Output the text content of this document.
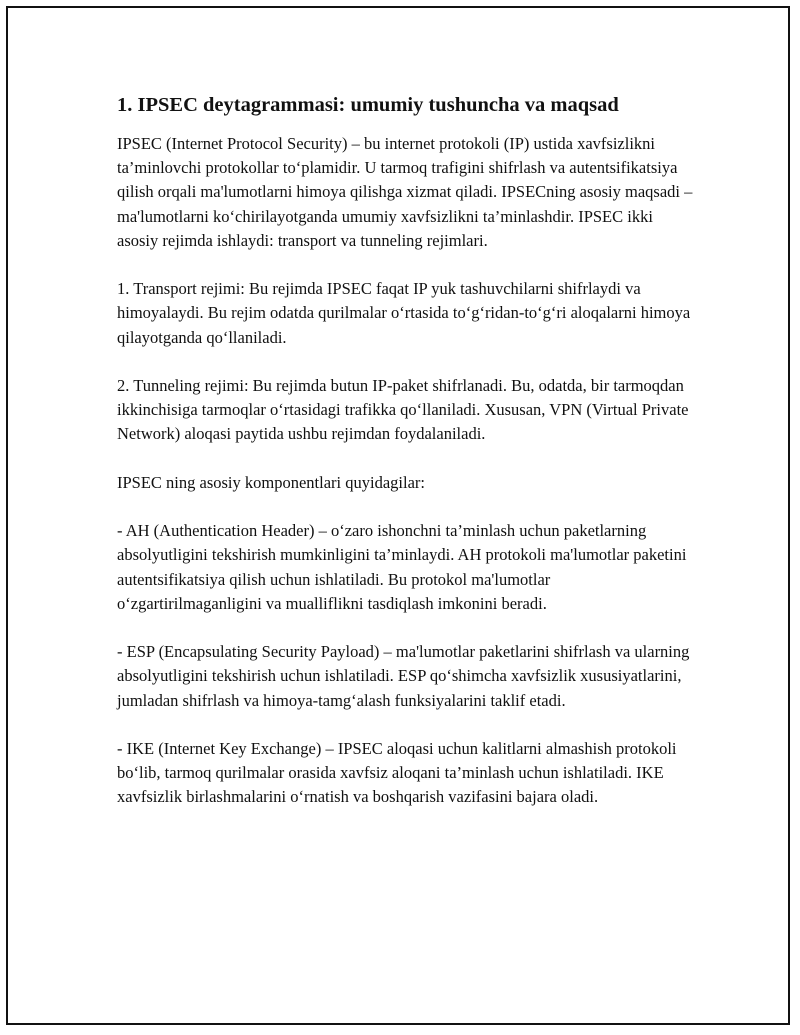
1. IPSEC deytagrammasi: umumiy tushuncha va maqsad

IPSEC (Internet Protocol Security) – bu internet protokoli (IP) ustida xavfsizlikni ta’minlovchi protokollar to‘plamidir. U tarmoq trafigini shifrlash va autentsifikatsiya qilish orqali ma'lumotlarni himoya qilishga xizmat qiladi. IPSECning asosiy maqsadi – ma'lumotlarni ko‘chirilayotganda umumiy xavfsizlikni ta’minlashdir. IPSEC ikki asosiy rejimda ishlaydi: transport va tunneling rejimlari.

1. Transport rejimi: Bu rejimda IPSEC faqat IP yuk tashuvchilarni shifrlaydi va himoyalaydi. Bu rejim odatda qurilmalar o‘rtasida to‘g‘ridan-to‘g‘ri aloqalarni himoya qilayotganda qo‘llaniladi.

2. Tunneling rejimi: Bu rejimda butun IP-paket shifrlanadi. Bu, odatda, bir tarmoqdan ikkinchisiga tarmoqlar o‘rtasidagi trafikka qo‘llaniladi. Xususan, VPN (Virtual Private Network) aloqasi paytida ushbu rejimdan foydalaniladi.

IPSEC ning asosiy komponentlari quyidagilar:

- AH (Authentication Header) – o‘zaro ishonchni ta’minlash uchun paketlarning absolyutligini tekshirish mumkinligini ta’minlaydi. AH protokoli ma'lumotlar paketini autentsifikatsiya qilish uchun ishlatiladi. Bu protokol ma'lumotlar o‘zgartirilmaganligini va mualliflikni tasdiqlash imkonini beradi.

- ESP (Encapsulating Security Payload) – ma'lumotlar paketlarini shifrlash va ularning absolyutligini tekshirish uchun ishlatiladi. ESP qo‘shimcha xavfsizlik xususiyatlarini, jumladan shifrlash va himoya-tamg‘alash funksiyalarini taklif etadi.

- IKE (Internet Key Exchange) – IPSEC aloqasi uchun kalitlarni almashish protokoli bo‘lib, tarmoq qurilmalar orasida xavfsiz aloqani ta’minlash uchun ishlatiladi. IKE xavfsizlik birlashmalarini o‘rnatish va boshqarish vazifasini bajara oladi.
